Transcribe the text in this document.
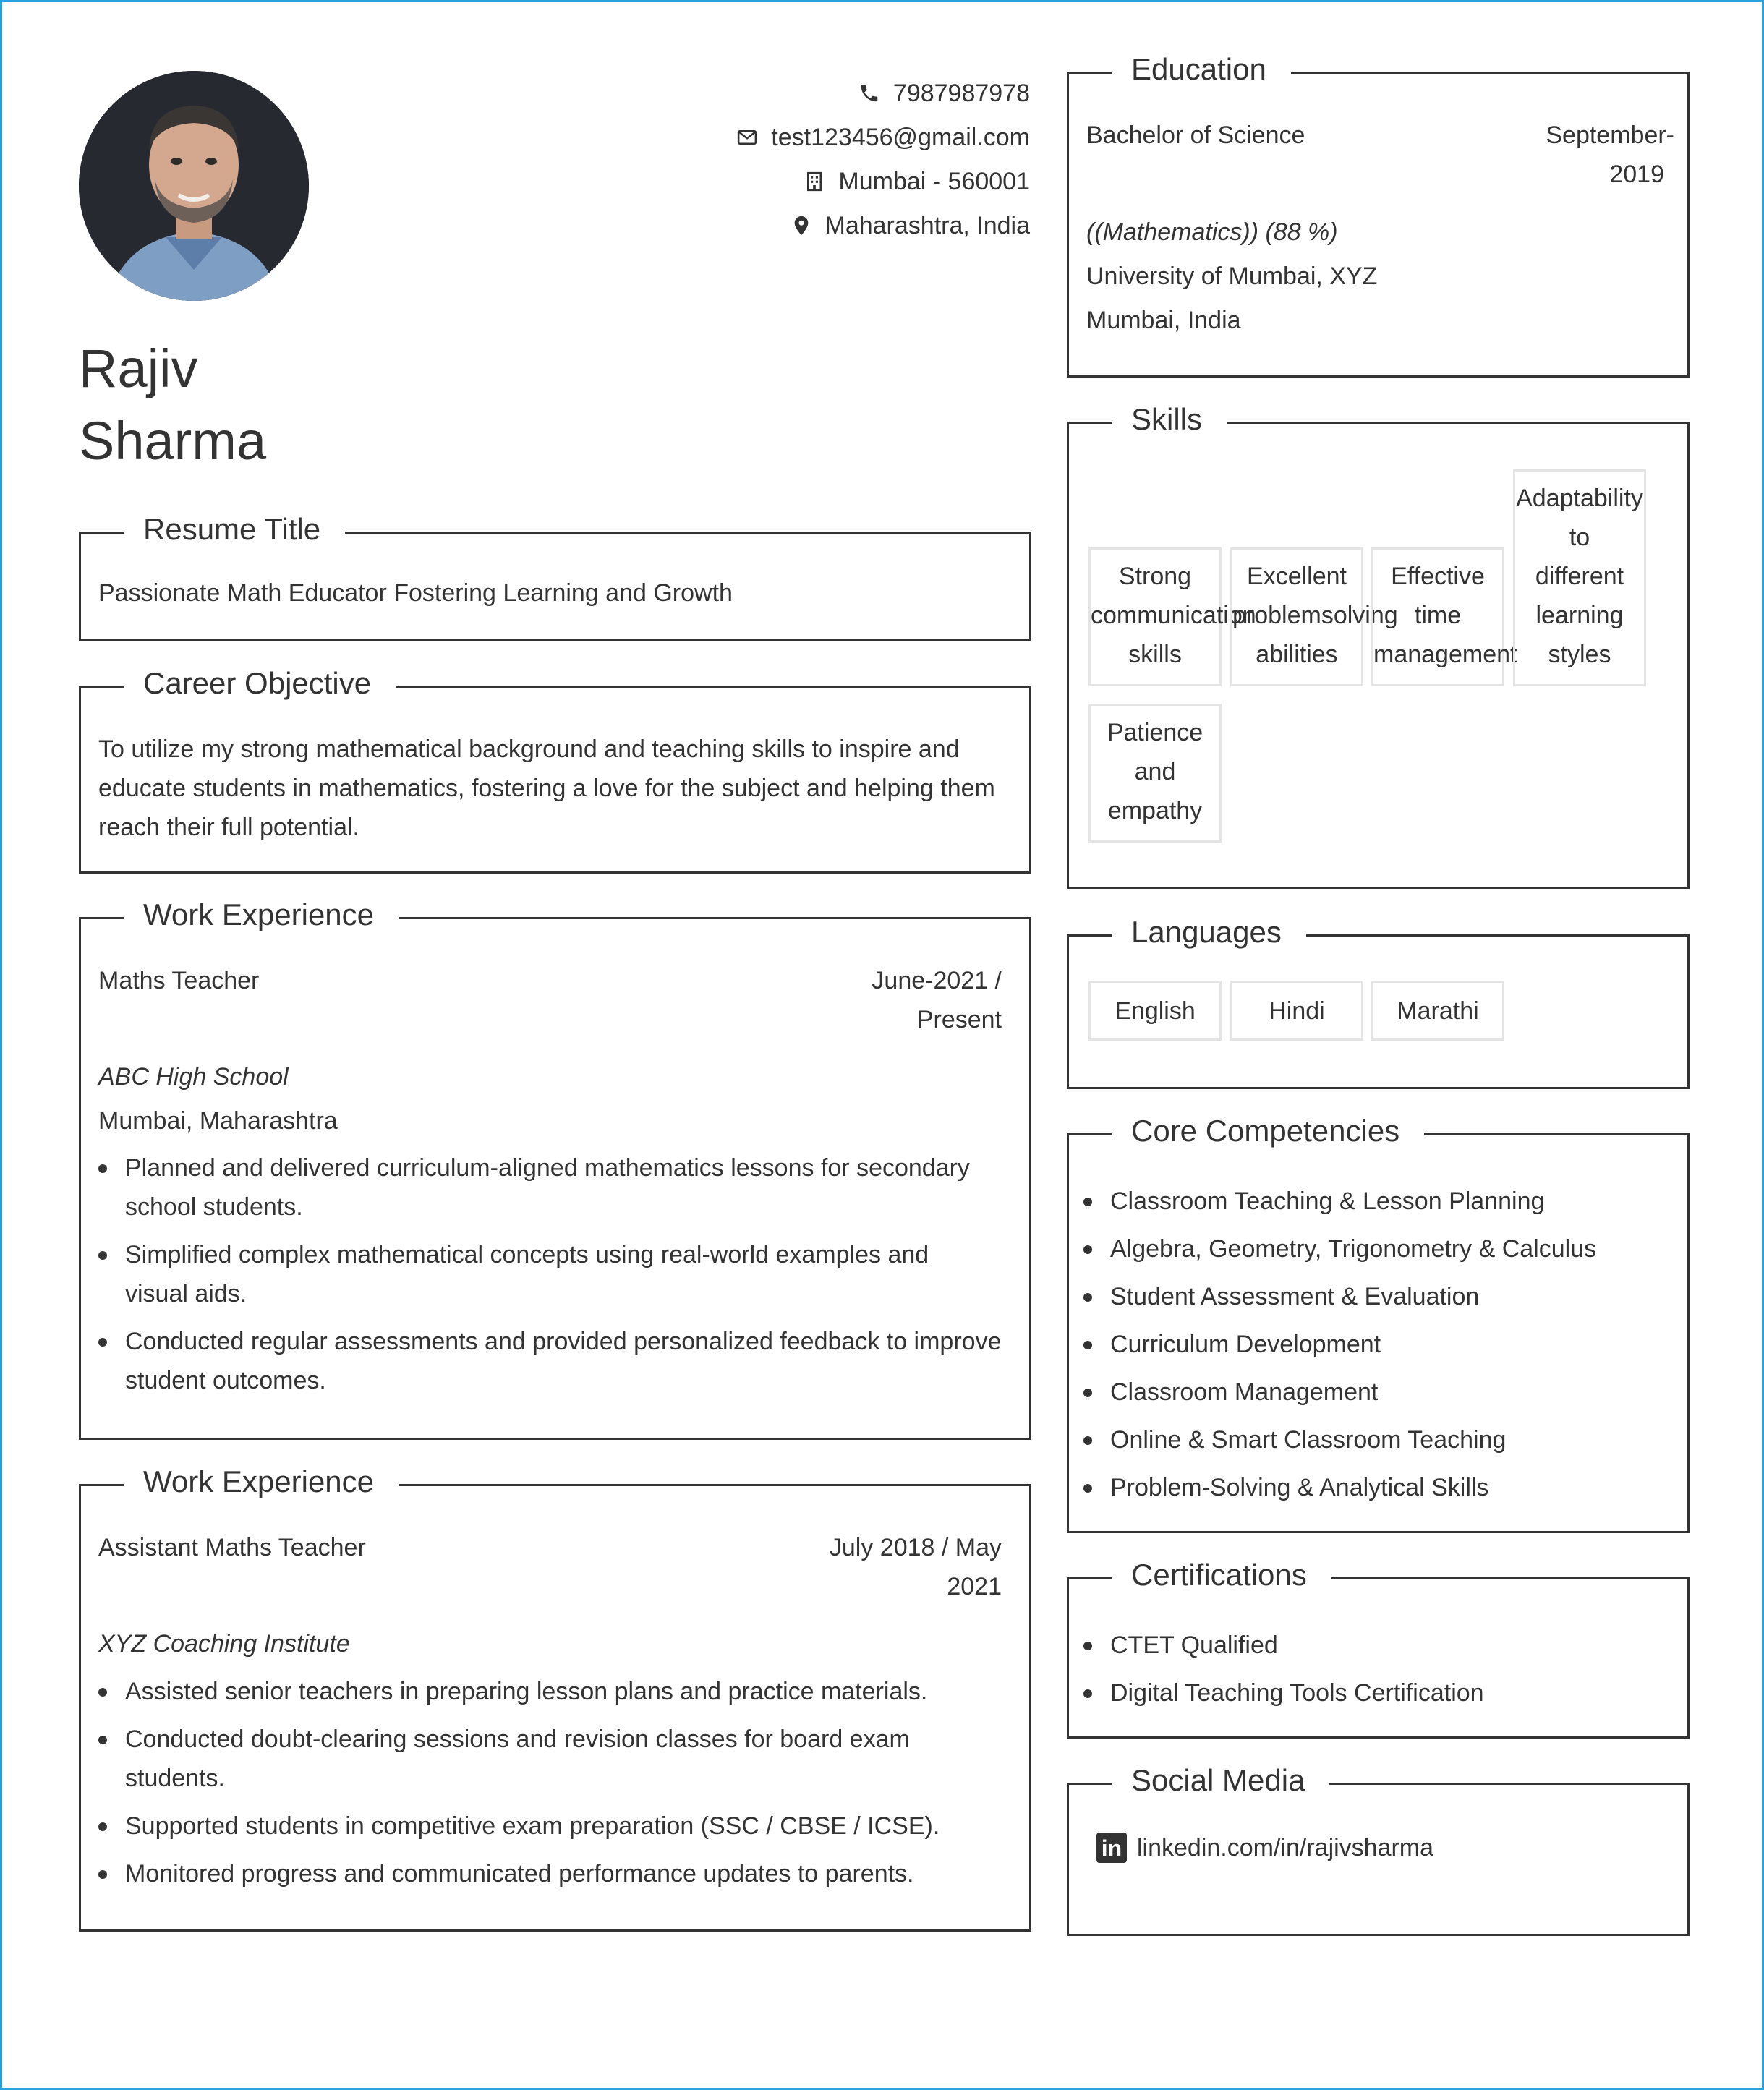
Rajiv
Sharma
7987987978
test123456@gmail.com
Mumbai - 560001
Maharashtra, India
Resume Title
Passionate Math Educator Fostering Learning and Growth
Career Objective
To utilize my strong mathematical background and teaching skills to inspire and
educate students in mathematics, fostering a love for the subject and helping them
reach their full potential.
Work Experience
Maths Teacher	June-2021 /
Present
ABC High School
Mumbai, Maharashtra
Planned and delivered curriculum-aligned mathematics lessons for secondary
school students.
Simplified complex mathematical concepts using real-world examples and
visual aids.
Conducted regular assessments and provided personalized feedback to improve
student outcomes.
Work Experience
Assistant Maths Teacher	July 2018 / May
2021
XYZ Coaching Institute
Assisted senior teachers in preparing lesson plans and practice materials.
Conducted doubt-clearing sessions and revision classes for board exam
students.
Supported students in competitive exam preparation (SSC / CBSE / ICSE).
Monitored progress and communicated performance updates to parents.
Education
Bachelor of Science	September-
2019
((Mathematics)) (88 %)
University of Mumbai, XYZ
Mumbai, India
Skills
Strong
communication
skills
Excellent
problemsolving
abilities
Effective
time
management
Adaptability
to
different
learning
styles
Patience
and
empathy
Languages
English	Hindi	Marathi
Core Competencies
Classroom Teaching & Lesson Planning
Algebra, Geometry, Trigonometry & Calculus
Student Assessment & Evaluation
Curriculum Development
Classroom Management
Online & Smart Classroom Teaching
Problem-Solving & Analytical Skills
Certifications
CTET Qualified
Digital Teaching Tools Certification
Social Media
in linkedin.com/in/rajivsharma
